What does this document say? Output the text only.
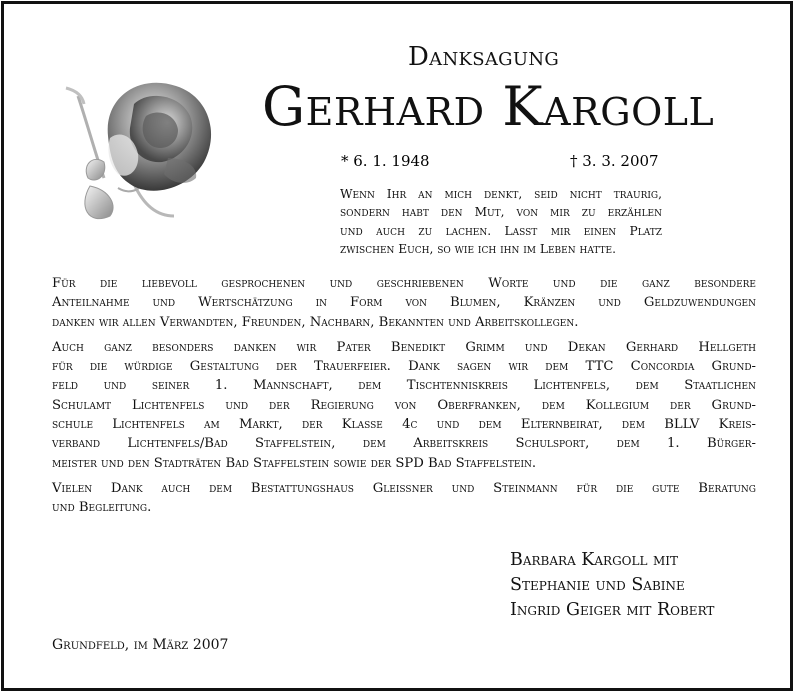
Danksagung
Gerhard Kargoll
* 6. 1. 1948	† 3. 3. 2007
Wenn Ihr an mich denkt, seid nicht traurig,
sondern habt den Mut, von mir zu erzählen
und auch zu lachen. Lasst mir einen Platz
zwischen Euch, so wie ich ihn im Leben hatte.
Für die liebevoll gesprochenen und geschriebenen Worte und die ganz besondere
Anteilnahme und Wertschätzung in Form von Blumen, Kränzen und Geldzuwendungen
danken wir allen Verwandten, Freunden, Nachbarn, Bekannten und Arbeitskollegen.
Auch ganz besonders danken wir Pater Benedikt Grimm und Dekan Gerhard Hellgeth
für die würdige Gestaltung der Trauerfeier. Dank sagen wir dem TTC Concordia Grund-
feld und seiner 1. Mannschaft, dem Tischtenniskreis Lichtenfels, dem Staatlichen
Schulamt Lichtenfels und der Regierung von Oberfranken, dem Kollegium der Grund-
schule Lichtenfels am Markt, der Klasse 4c und dem Elternbeirat, dem BLLV Kreis-
verband Lichtenfels/Bad Staffelstein, dem Arbeitskreis Schulsport, dem 1. Bürger-
meister und den Stadträten Bad Staffelstein sowie der SPD Bad Staffelstein.
Vielen Dank auch dem Bestattungshaus Gleissner und Steinmann für die gute Beratung
und Begleitung.
Barbara Kargoll mit
Stephanie und Sabine
Ingrid Geiger mit Robert
Grundfeld, im März 2007
